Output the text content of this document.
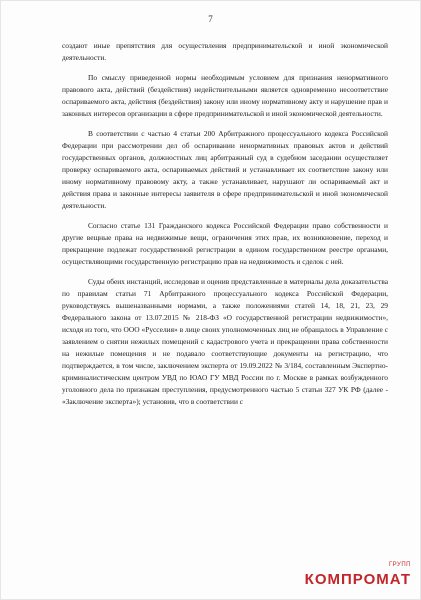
7

создают иные препятствия для осуществления предпринимательской и иной экономической деятельности.

По смыслу приведенной нормы необходимым условием для признания ненормативного правового акта, действий (бездействия) недействительными является одновременно несоответствие оспариваемого акта, действия (бездействия) закону или иному нормативному акту и нарушение прав и законных интересов организации в сфере предпринимательской и иной экономической деятельности.

В соответствии с частью 4 статьи 200 Арбитражного процессуального кодекса Российской Федерации при рассмотрении дел об оспаривании ненормативных правовых актов и действий государственных органов, должностных лиц арбитражный суд в судебном заседании осуществляет проверку оспариваемого акта, оспариваемых действий и устанавливает их соответствие закону или иному нормативному правовому акту, а также устанавливает, нарушают ли оспариваемый акт и действия права и законные интересы заявителя в сфере предпринимательской и иной экономической деятельности.

Согласно статье 131 Гражданского кодекса Российской Федерации право собственности и другие вещные права на недвижимые вещи, ограничения этих прав, их возникновение, переход и прекращение подлежат государственной регистрации в едином государственном реестре органами, осуществляющими государственную регистрацию прав на недвижимость и сделок с ней.

Суды обеих инстанций, исследовав и оценив представленные в материалы дела доказательства по правилам статьи 71 Арбитражного процессуального кодекса Российской Федерации, руководствуясь вышеназванными нормами, а также положениями статей 14, 18, 21, 23, 29 Федерального закона от 13.07.2015 № 218-ФЗ «О государственной регистрации недвижимости», исходя из того, что ООО «Русселия» в лице своих уполномоченных лиц не обращалось в Управление с заявлением о снятии нежилых помещений с кадастрового учета и прекращении права собственности на нежилые помещения и не подавало соответствующие документы на регистрацию, что подтверждается, в том числе, заключением эксперта от 19.09.2022 № 3/184, составленным Экспертно-криминалистическим центром УВД по ЮАО ГУ МВД России по г. Москве в рамках возбужденного уголовного дела по признакам преступления, предусмотренного частью 5 статьи 327 УК РФ (далее - «Заключение эксперта»); установив, что в соответствии с

ГРУПП
КОМПРОМАТ
